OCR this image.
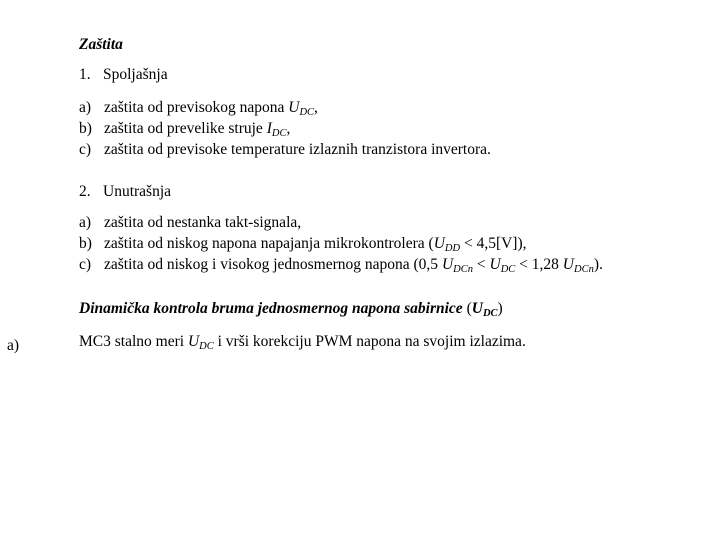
Zaštita
1. Spoljašnja
a) zaštita od previsokog napona UDC,
b) zaštita od prevelike struje IDC,
c) zaštita od previsoke temperature izlaznih tranzistora invertora.
2. Unutrašnja
a) zaštita od nestanka takt-signala,
b) zaštita od niskog napona napajanja mikrokontrolera (UDD < 4,5[V]),
c) zaštita od niskog i visokog jednosmernog napona (0,5 UDCn < UDC < 1,28 UDCn).
Dinamička kontrola bruma jednosmernog napona sabirnice (UDC)
a)	MC3 stalno meri UDC i vrši korekciju PWM napona na svojim izlazima.
